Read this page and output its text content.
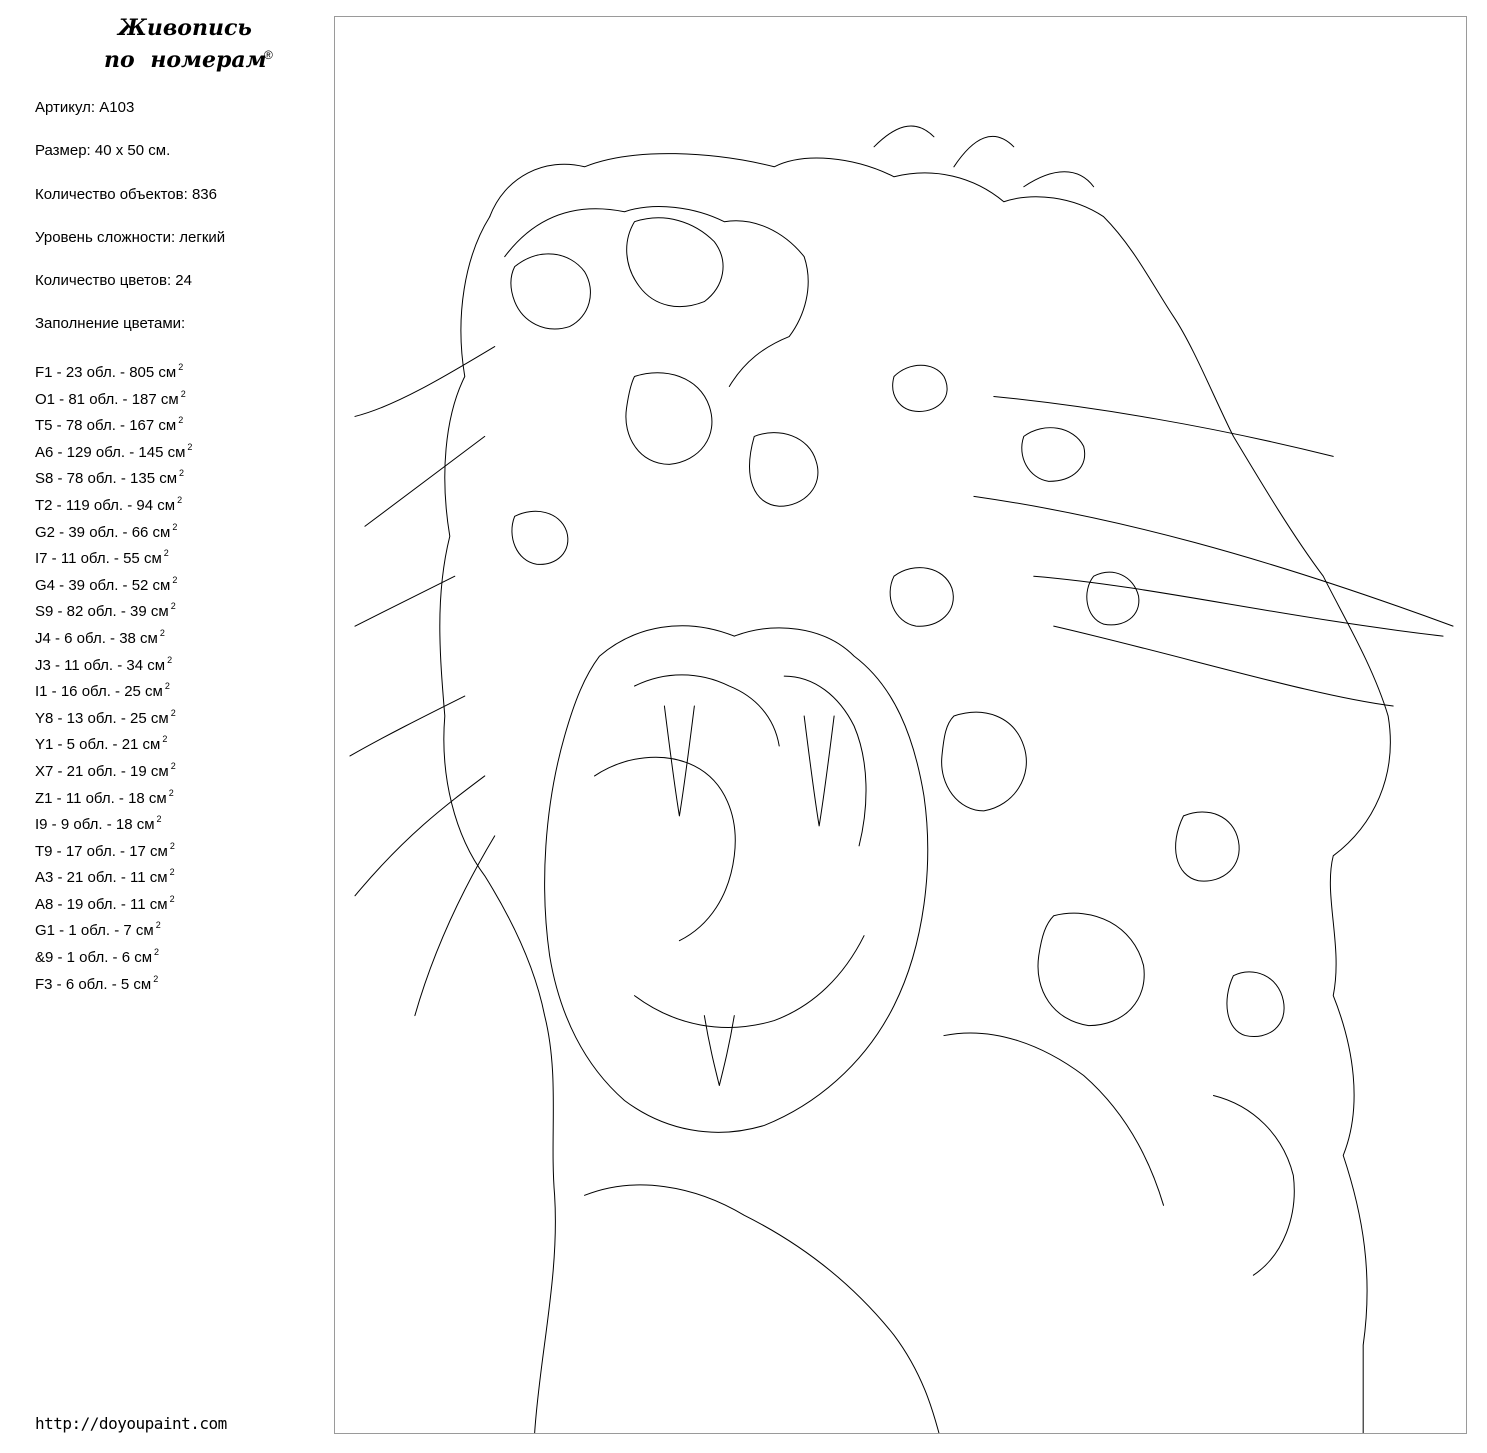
Живопись
по номерам
®
Артикул: A103
Размер: 40 x 50 см.
Количество объектов: 836
Уровень сложности: легкий
Количество цветов: 24
Заполнение цветами:
F1 - 23 обл. - 805 см $^2$
O1 - 81 обл. - 187 см $^2$
T5 - 78 обл. - 167 см $^2$
A6 - 129 обл. - 145 см $^2$
S8 - 78 обл. - 135 см $^2$
T2 - 119 обл. - 94 см $^2$
G2 - 39 обл. - 66 см $^2$
I7 - 11 обл. - 55 см $^2$
G4 - 39 обл. - 52 см $^2$
S9 - 82 обл. - 39 см $^2$
J4 - 6 обл. - 38 см $^2$
J3 - 11 обл. - 34 см $^2$
I1 - 16 обл. - 25 см $^2$
Y8 - 13 обл. - 25 см $^2$
Y1 - 5 обл. - 21 см $^2$
X7 - 21 обл. - 19 см $^2$
Z1 - 11 обл. - 18 см $^2$
I9 - 9 обл. - 18 см $^2$
T9 - 17 обл. - 17 см $^2$
A3 - 21 обл. - 11 см $^2$
A8 - 19 обл. - 11 см $^2$
G1 - 1 обл. - 7 см $^2$
&9 - 1 обл. - 6 см $^2$
F3 - 6 обл. - 5 см $^2$
http://doyoupaint.com
